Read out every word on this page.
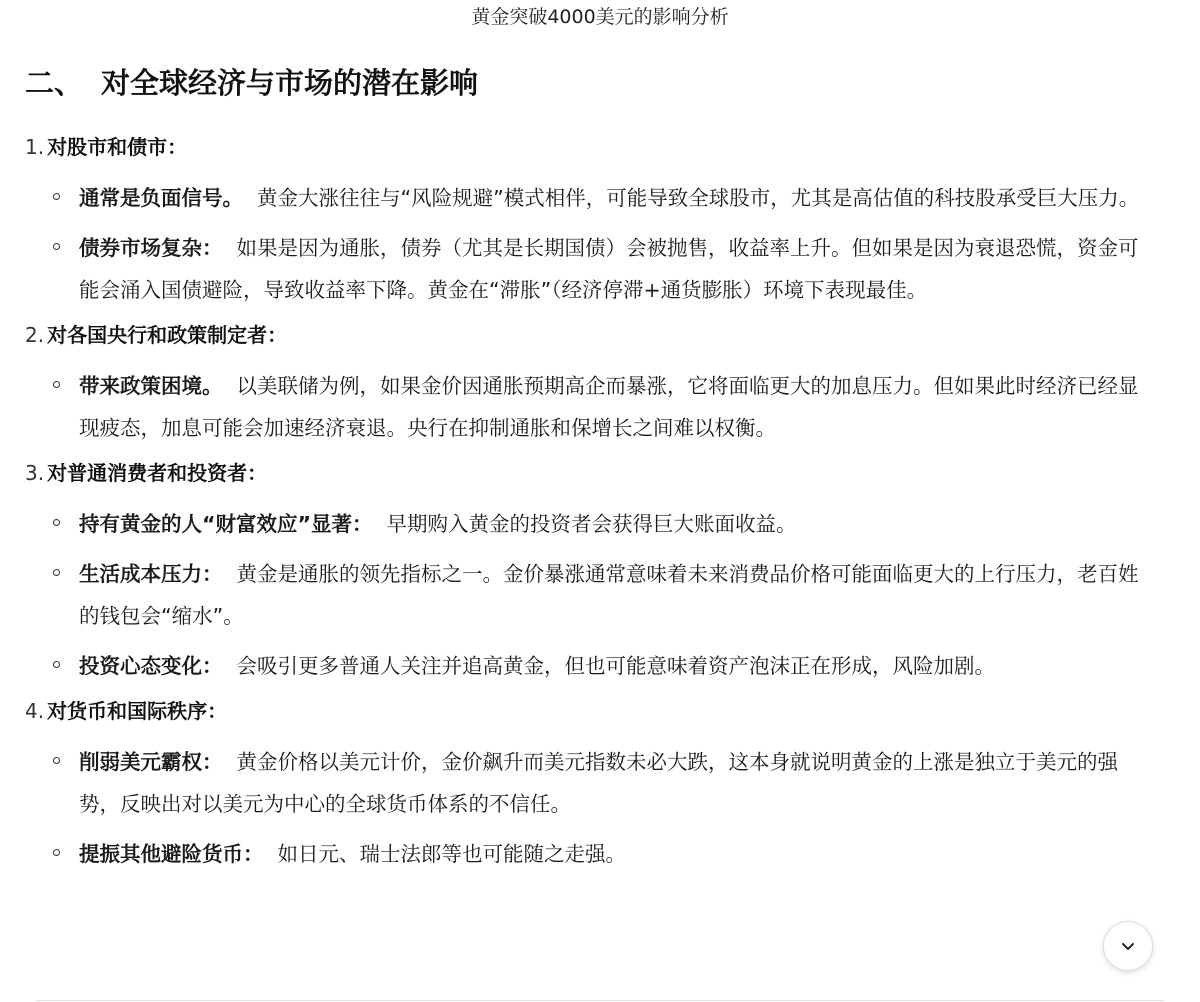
黄金突破4000美元的影响分析
二、 对全球经济与市场的潜在影响
1. 对股市和债市：
通常是负面信号。 黄金大涨往往与“风险规避”模式相伴，可能导致全球股市，尤其是高估值的科技股承受巨大压力。
债券市场复杂： 如果是因为通胀，债券（尤其是长期国债）会被抛售，收益率上升。但如果是因为衰退恐慌，资金可能会涌入国债避险，导致收益率下降。黄金在“滞胀”（经济停滞+通货膨胀）环境下表现最佳。
2. 对各国央行和政策制定者：
带来政策困境。 以美联储为例，如果金价因通胀预期高企而暴涨，它将面临更大的加息压力。但如果此时经济已经显现疲态，加息可能会加速经济衰退。央行在抑制通胀和保增长之间难以权衡。
3. 对普通消费者和投资者：
持有黄金的人“财富效应”显著： 早期购入黄金的投资者会获得巨大账面收益。
生活成本压力： 黄金是通胀的领先指标之一。金价暴涨通常意味着未来消费品价格可能面临更大的上行压力，老百姓的钱包会“缩水”。
投资心态变化： 会吸引更多普通人关注并追高黄金，但也可能意味着资产泡沫正在形成，风险加剧。
4. 对货币和国际秩序：
削弱美元霸权： 黄金价格以美元计价，金价飙升而美元指数未必大跌，这本身就说明黄金的上涨是独立于美元的强势，反映出对以美元为中心的全球货币体系的不信任。
提振其他避险货币： 如日元、瑞士法郎等也可能随之走强。
